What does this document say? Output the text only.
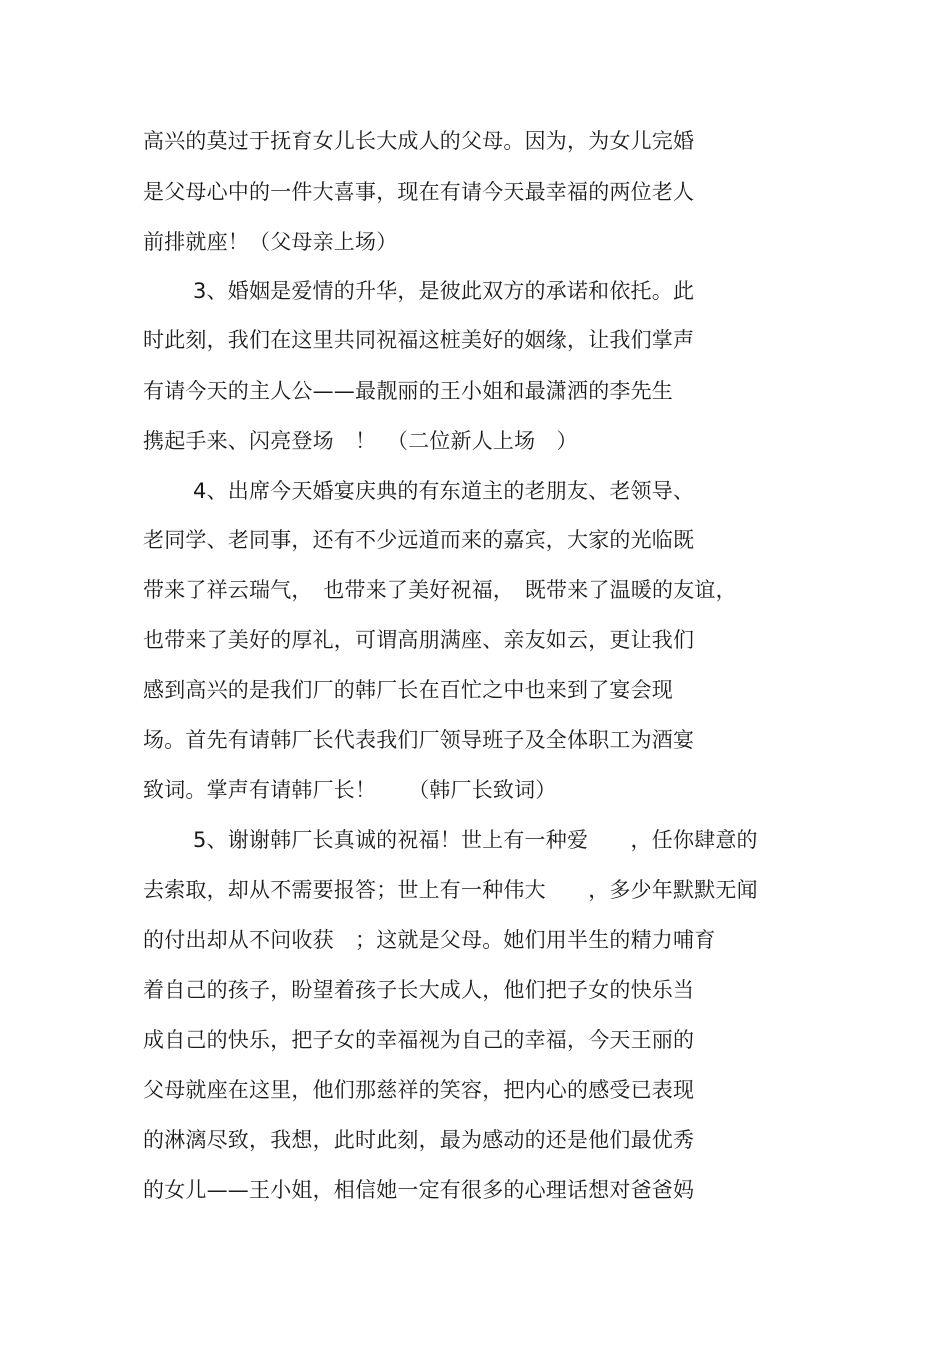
高兴的莫过于抚育女儿长大成人的父母。因为，为女儿完婚
是父母心中的一件大喜事，现在有请今天最幸福的两位老人
前排就座！（父母亲上场）
3、婚姻是爱情的升华，是彼此双方的承诺和依托。此
时此刻，我们在这里共同祝福这桩美好的姻缘，让我们掌声
有请今天的主人公——最靓丽的王小姐和最潇洒的李先生
携起手来、闪亮登场　！　（二位新人上场　）
4、出席今天婚宴庆典的有东道主的老朋友、老领导、
老同学、老同事，还有不少远道而来的嘉宾，大家的光临既
带来了祥云瑞气，　也带来了美好祝福，　既带来了温暖的友谊，
也带来了美好的厚礼，可谓高朋满座、亲友如云，更让我们
感到高兴的是我们厂的韩厂长在百忙之中也来到了宴会现
场。首先有请韩厂长代表我们厂领导班子及全体职工为酒宴
致词。掌声有请韩厂长！　　（韩厂长致词）
5、谢谢韩厂长真诚的祝福！世上有一种爱　　，任你肆意的
去索取，却从不需要报答；世上有一种伟大　　，多少年默默无闻
的付出却从不问收获　；这就是父母。她们用半生的精力哺育
着自己的孩子，盼望着孩子长大成人，他们把子女的快乐当
成自己的快乐，把子女的幸福视为自己的幸福，今天王丽的
父母就座在这里，他们那慈祥的笑容，把内心的感受已表现
的淋漓尽致，我想，此时此刻，最为感动的还是他们最优秀
的女儿——王小姐，相信她一定有很多的心理话想对爸爸妈
